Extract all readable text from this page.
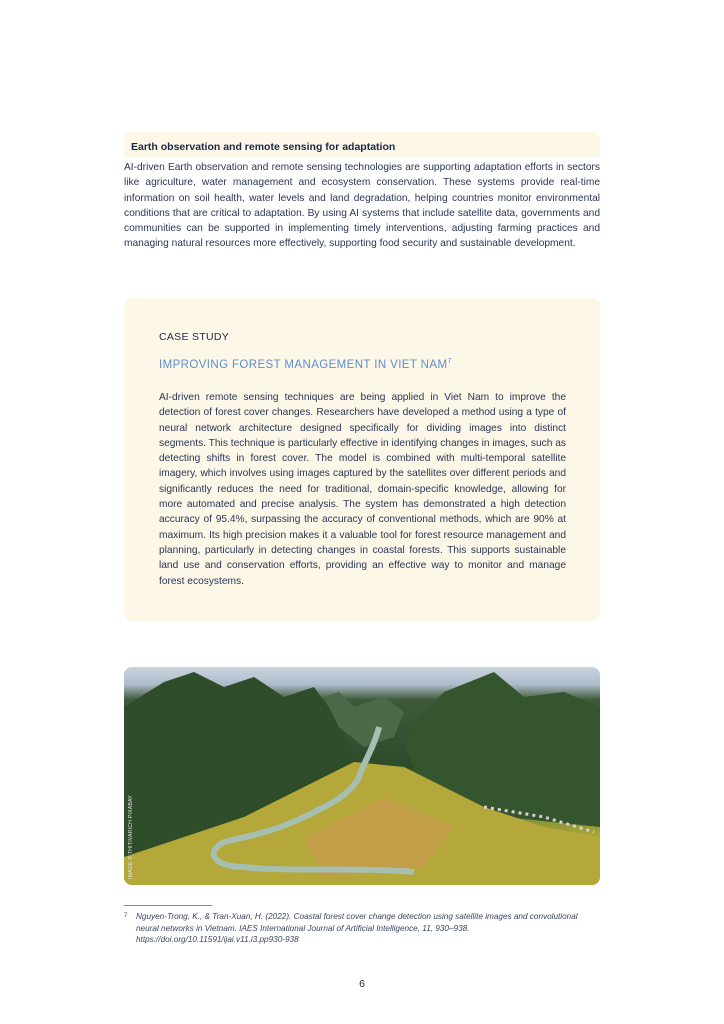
Earth observation and remote sensing for adaptation
AI-driven Earth observation and remote sensing technologies are supporting adaptation efforts in sectors like agriculture, water management and ecosystem conservation. These systems provide real-time information on soil health, water levels and land degradation, helping countries monitor environmental conditions that are critical to adaptation. By using AI systems that include satellite data, governments and communities can be supported in implementing timely interventions, adjusting farming practices and managing natural resources more effectively, supporting food security and sustainable development.
CASE STUDY
IMPROVING FOREST MANAGEMENT IN VIET NAM$^7$
AI-driven remote sensing techniques are being applied in Viet Nam to improve the detection of forest cover changes. Researchers have developed a method using a type of neural network architecture designed specifically for dividing images into distinct segments. This technique is particularly effective in identifying changes in images, such as detecting shifts in forest cover. The model is combined with multi-temporal satellite imagery, which involves using images captured by the satellites over different periods and significantly reduces the need for traditional, domain-specific knowledge, allowing for more automated and precise analysis. The system has demonstrated a high detection accuracy of 95.4%, surpassing the accuracy of conventional methods, which are 90% at maximum. Its high precision makes it a valuable tool for forest resource management and planning, particularly in detecting changes in coastal forests. This supports sustainable land use and conservation efforts, providing an effective way to monitor and manage forest ecosystems.
IMAGE © THITIVARICH PIXABAY
7 Nguyen-Trong, K., & Tran-Xuan, H. (2022). Coastal forest cover change detection using satellite images and convolutional neural networks in Vietnam. IAES International Journal of Artificial Intelligence, 11, 930–938. https://doi.org/10.11591/ijai.v11.i3.pp930-938
6
